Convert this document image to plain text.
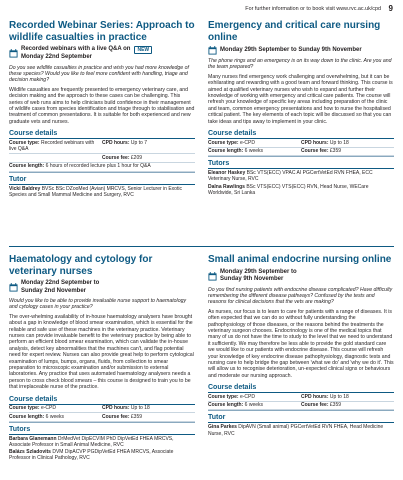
For further information or to book visit www.rvc.ac.uk/cpd 9
Recorded Webinar Series: Approach to wildlife casualties in practice
Recorded webinars with a live Q&A on	NEW
Monday 22nd September
Do you see wildlife casualties in practice and wish you had more knowledge of these species? Would you like to feel more confident with handling, triage and decision making?
Wildlife casualties are frequently presented to emergency veterinary care, and decision making and the approach to these cases can be challenging. This series of web runs aims to help clinicians build confidence in their management of wildlife cases from species identification and triage through to stabilisation and treatment of common presentations. It is suitable for both experienced and new graduate vets and nurses.
Course details
Course type: Recorded webinars with live Q&A
CPD hours: Up to 7
Course fee: £209
Course length: 6 hours of recorded lecture plus 1 hour for Q&A
Tutor
Vicki Baldrey BVSc BSc DZooMed (Avian) MRCVS, Senior Lecturer in Exotic Species and Small Mammal Medicine and Surgery, RVC
Emergency and critical care nursing online
Monday 29th September to Sunday 9th November
The phone rings and an emergency is on its way down to the clinic. Are you and the team prepared?
Many nurses find emergency work challenging and overwhelming, but it can be exhilarating and rewarding with a good team and forward thinking. This course is aimed at qualified veterinary nurses who wish to expand and further their knowledge of working with emergency and critical care patients. The course will refresh your knowledge of specific key areas including preparation of the clinic and team, common emergency presentations and how to nurse the hospitalised critical patient. The key elements of each topic will be discussed so that you can take ideas and tips away to implement in your clinic.
Course details
Course type: e-CPD	CPD hours: Up to 18
Course length: 6 weeks	Course fee: £359
Tutors
Eleanor Haskey BSc VTS(ECC) VPAC AI PGCertVetEd RVN FHEA, ECC Veterinary Nurse, RVC
Dalna Rawlings BSc VTS(ECC) VTS(ECC) RVN, Head Nurse, WECare Worldwide, Sri Lanka
Haematology and cytology for veterinary nurses
Monday 22nd September to
Sunday 2nd November
Would you like to be able to provide invaluable nurse support to haematology and cytology cases in your practice?
The over-whelming availability of in-house haematology analysers have brought about a gap in knowledge of blood smear examination, which is essential for the reliable and safe use of these machines in the veterinary practice. Veterinary nurses can provide invaluable benefit to the veterinary practice by being able to perform an efficient blood smear examination, which can validate the in-house analysis, detect key abnormalities that the machines can't, and flag potential need for expert review. Nurses can also provide great help to perform cytological examination of lumps, bumps, organs, fluids, from collection to smear preparation to microscopic examination and/or submission to external laboratories. Any practice that uses automated haematology analysers needs a person to cross check blood smears – this course is designed to train you to be that irreplaceable nurse of the practice.
Course details
Course type: e-CPD	CPD hours: Up to 18
Course length: 6 weeks	Course fee: £359
Tutors
Barbara Glanemann DrMedVet DipECVIM PhD DipVetEd FHEA MRCVS, Associate Professor in Small Animal Medicine, RVC
Balázs Szladovits DVM DipACVP PGDipVetEd FHEA MRCVS, Associate Professor in Clinical Pathology, RVC
Small animal endocrine nursing online
Monday 29th September to
Sunday 9th November
Do you find nursing patients with endocrine disease complicated? Have difficulty remembering the different disease pathways? Confused by the tests and reasons for clinical decisions that the vets are making?
As nurses, our focus is to learn to care for patients with a range of diseases. It is often expected that we can do so without fully understanding the pathophysiology of those diseases, or the reasons behind the treatments the veterinary surgeon chooses. Endocrinology is one of the medical topics that many of us do not have the time to study to the level that we need to understand it sufficiently. We may therefore be less able to provide the gold standard care we would like to our patients with endocrine disease. This course will refresh your knowledge of key endocrine disease pathophysiology, diagnostic tests and nursing care to help bridge the gap between 'what we do' and 'why we do it'. This will allow us to recognise deterioration, un-expected clinical signs or behaviours and moderate our nursing approach.
Course details
Course type: e-CPD	CPD hours: Up to 18
Course length: 6 weeks	Course fee: £359
Tutor
Gina Parkes DipAVN (Small animal) PGCertVetEd RVN FHEA, Head Medicine Nurse, RVC
